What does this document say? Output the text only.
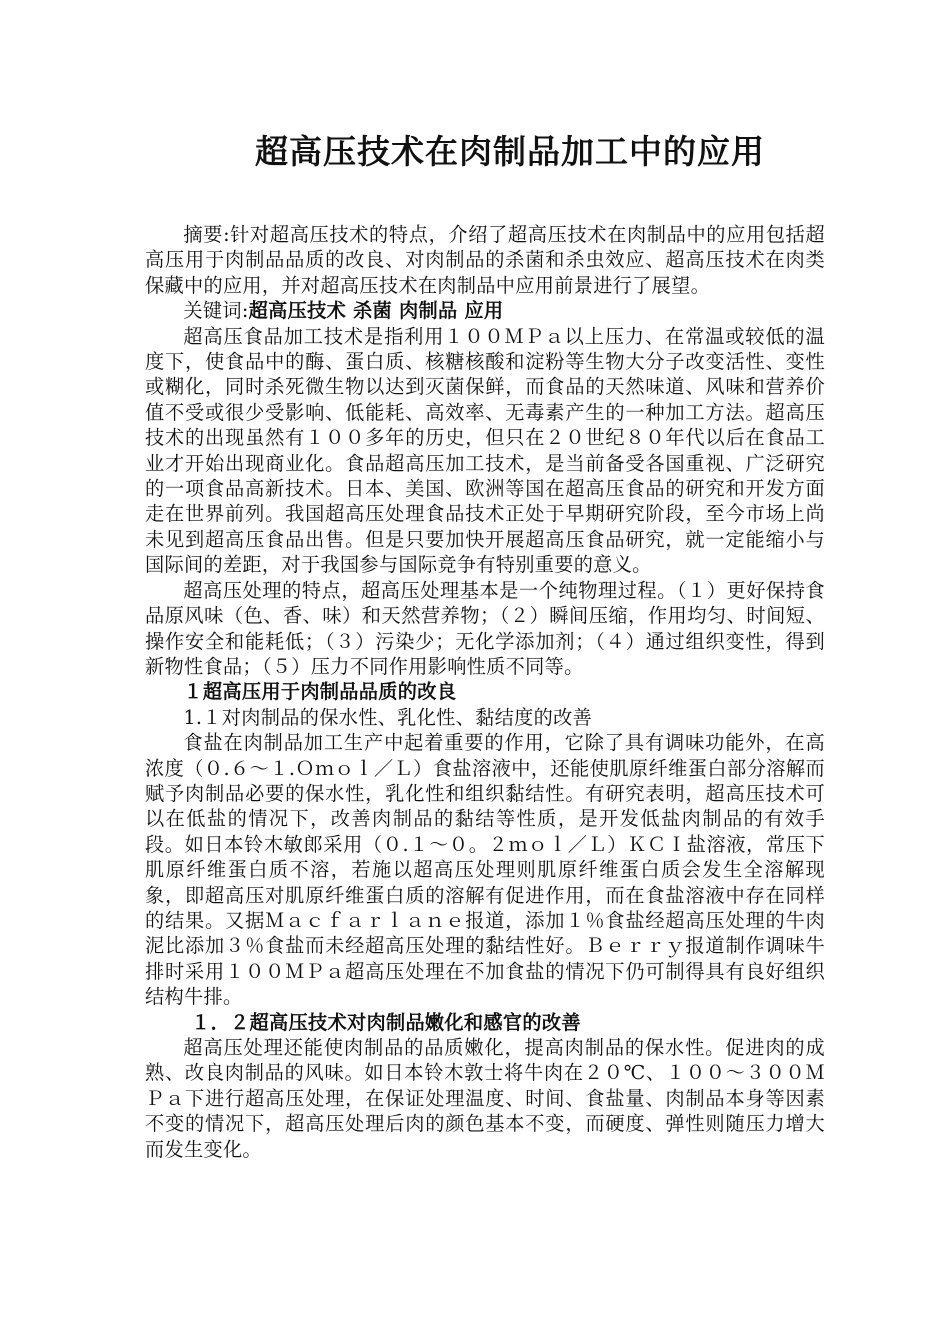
超高压技术在肉制品加工中的应用

摘要:针对超高压技术的特点，介绍了超高压技术在肉制品中的应用包括超高压用于肉制品品质的改良、对肉制品的杀菌和杀虫效应、超高压技术在肉类保藏中的应用，并对超高压技术在肉制品中应用前景进行了展望。

关键词:超高压技术 杀菌 肉制品 应用

超高压食品加工技术是指利用１００ＭＰａ以上压力、在常温或较低的温度下，使食品中的酶、蛋白质、核糖核酸和淀粉等生物大分子改变活性、变性或糊化，同时杀死微生物以达到灭菌保鲜，而食品的天然味道、风味和营养价值不受或很少受影响、低能耗、高效率、无毒素产生的一种加工方法。超高压技术的出现虽然有１００多年的历史，但只在２０世纪８０年代以后在食品工业才开始出现商业化。食品超高压加工技术，是当前备受各国重视、广泛研究的一项食品高新技术。日本、美国、欧洲等国在超高压食品的研究和开发方面走在世界前列。我国超高压处理食品技术正处于早期研究阶段，至今市场上尚未见到超高压食品出售。但是只要加快开展超高压食品研究，就一定能缩小与国际间的差距，对于我国参与国际竞争有特别重要的意义。

超高压处理的特点，超高压处理基本是一个纯物理过程。（１）更好保持食品原风味（色、香、味）和天然营养物；（２）瞬间压缩，作用均匀、时间短、操作安全和能耗低；（３）污染少；无化学添加剂；（４）通过组织变性，得到新物性食品；（５）压力不同作用影响性质不同等。

１超高压用于肉制品品质的改良
1.１对肉制品的保水性、乳化性、黏结度的改善

食盐在肉制品加工生产中起着重要的作用，它除了具有调味功能外，在高浓度（０.６～１.Ｏｍｏｌ／Ｌ）食盐溶液中，还能使肌原纤维蛋白部分溶解而赋予肉制品必要的保水性，乳化性和组织黏结性。有研究表明，超高压技术可以在低盐的情况下，改善肉制品的黏结等性质，是开发低盐肉制品的有效手段。如日本铃木敏郎采用（０.１～０。２ｍｏｌ／Ｌ）ＫＣＩ盐溶液，常压下肌原纤维蛋白质不溶，若施以超高压处理则肌原纤维蛋白质会发生全溶解现象，即超高压对肌原纤维蛋白质的溶解有促进作用，而在食盐溶液中存在同样的结果。又据Ｍａｃｆａｒｌａｎｅ报道，添加１％食盐经超高压处理的牛肉泥比添加３％食盐而未经超高压处理的黏结性好。Ｂｅｒｒｙ报道制作调味牛排时采用１００ＭＰａ超高压处理在不加食盐的情况下仍可制得具有良好组织结构牛排。

１．２超高压技术对肉制品嫩化和感官的改善

超高压处理还能使肉制品的品质嫩化，提高肉制品的保水性。促进肉的成熟、改良肉制品的风味。如日本铃木敦士将牛肉在２０℃、１００～３００ＭＰａ下进行超高压处理，在保证处理温度、时间、食盐量、肉制品本身等因素不变的情况下，超高压处理后肉的颜色基本不变，而硬度、弹性则随压力增大而发生变化。
